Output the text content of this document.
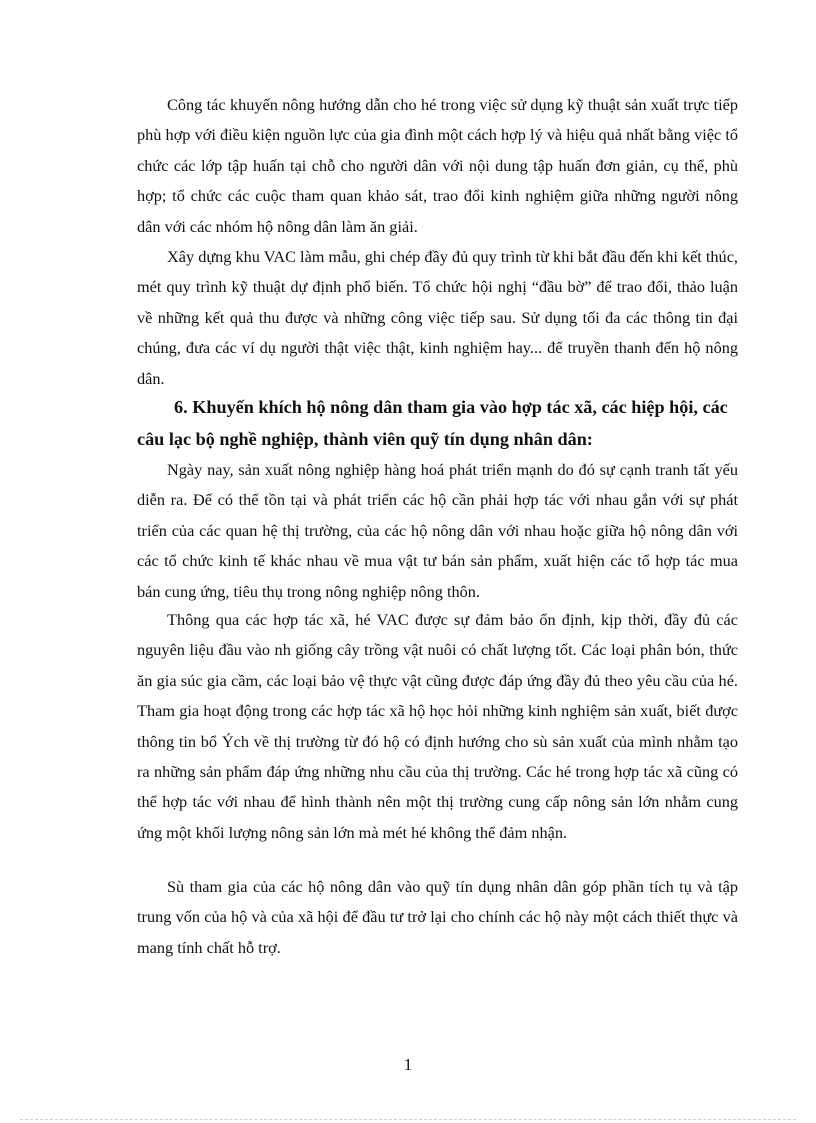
Công tác khuyến nông hướng dẫn cho hé trong việc sử dụng kỹ thuật sản xuất trực tiếp phù hợp với điều kiện nguồn lực của gia đình một cách hợp lý và hiệu quả nhất bằng việc tổ chức các lớp tập huấn tại chỗ cho người dân với nội dung tập huấn đơn giản, cụ thể, phù hợp; tổ chức các cuộc tham quan khảo sát, trao đổi kinh nghiệm giữa những người nông dân với các nhóm hộ nông dân làm ăn giải.

Xây dựng khu VAC làm mẫu, ghi chép đầy đủ quy trình từ khi bắt đầu đến khi kết thúc, mét quy trình kỹ thuật dự định phổ biến. Tổ chức hội nghị “đầu bờ” để trao đổi, thảo luận về những kết quả thu được và những công việc tiếp sau. Sử dụng tối đa các thông tin đại chúng, đưa các ví dụ người thật việc thật, kinh nghiệm hay... để truyền thanh đến hộ nông dân.

6. Khuyến khích hộ nông dân tham gia vào hợp tác xã, các hiệp hội, các câu lạc bộ nghề nghiệp, thành viên quỹ tín dụng nhân dân:

Ngày nay, sản xuất nông nghiệp hàng hoá phát triển mạnh do đó sự cạnh tranh tất yếu diễn ra. Để có thể tồn tại và phát triển các hộ cần phải hợp tác với nhau gắn với sự phát triển của các quan hệ thị trường, của các hộ nông dân với nhau hoặc giữa hộ nông dân với các tổ chức kinh tế khác nhau về mua vật tư bán sản phẩm, xuất hiện các tổ hợp tác mua bán cung ứng, tiêu thụ trong nông nghiệp nông thôn.

Thông qua các hợp tác xã, hé VAC được sự đảm bảo ổn định, kịp thời, đầy đủ các nguyên liệu đầu vào nh giống cây trồng vật nuôi có chất lượng tốt. Các loại phân bón, thức ăn gia súc gia cầm, các loại bảo vệ thực vật cũng được đáp ứng đầy đủ theo yêu cầu của hé. Tham gia hoạt động trong các hợp tác xã hộ học hỏi những kinh nghiệm sản xuất, biết được thông tin bổ Ých về thị trường từ đó hộ có định hướng cho sù sản xuất của mình nhằm tạo ra những sản phẩm đáp ứng những nhu cầu của thị trường. Các hé trong hợp tác xã cũng có thể hợp tác với nhau để hình thành nên một thị trường cung cấp nông sản lớn nhằm cung ứng một khối lượng nông sản lớn mà mét hé không thể đảm nhận.

Sù tham gia của các hộ nông dân vào quỹ tín dụng nhân dân góp phần tích tụ và tập trung vốn của hộ và của xã hội để đầu tư trở lại cho chính các hộ này một cách thiết thực và mang tính chất hỗ trợ.

1
